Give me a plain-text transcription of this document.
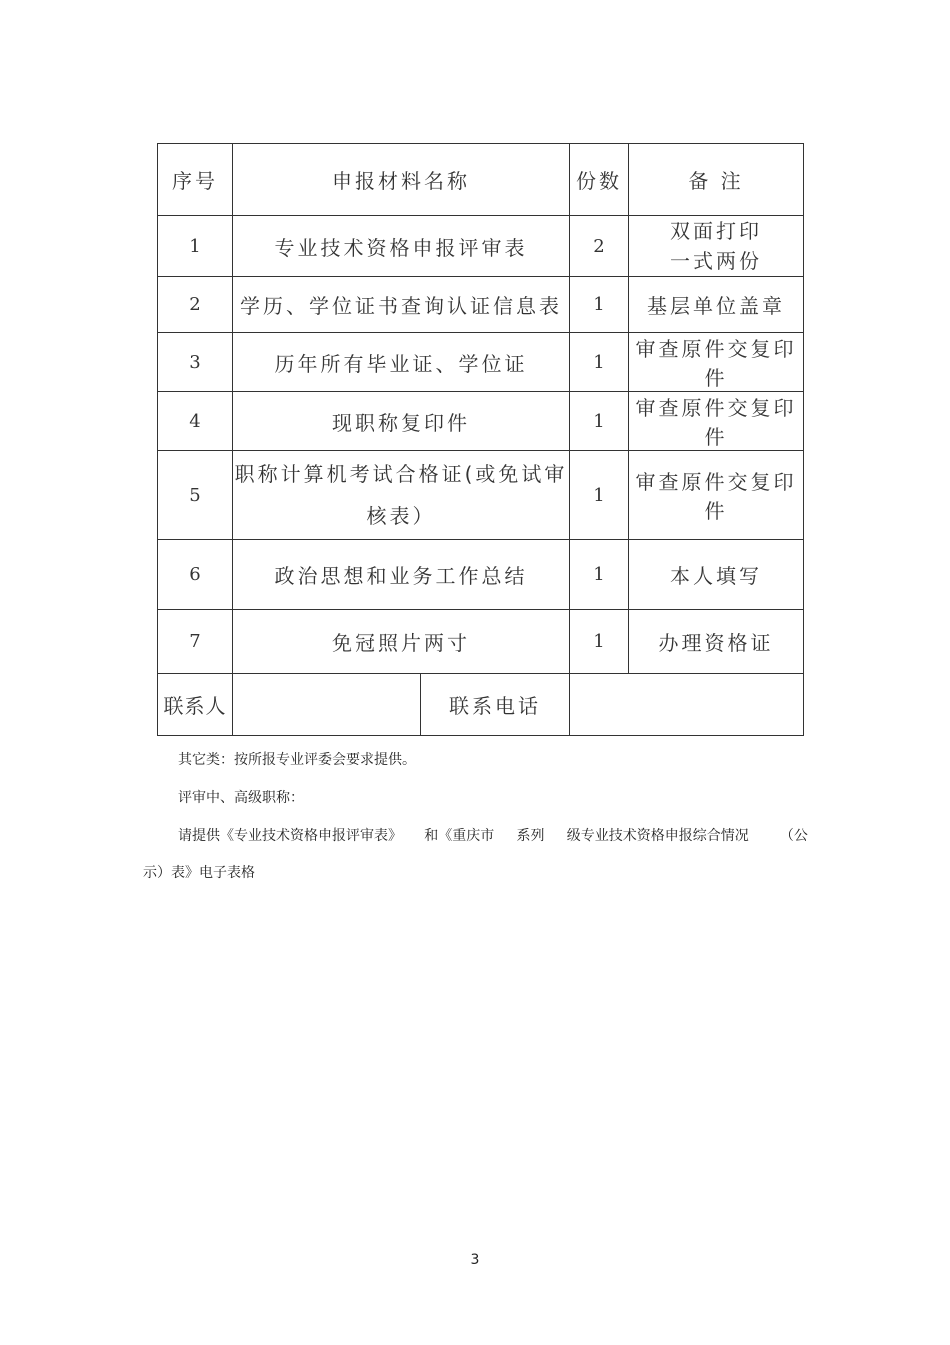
序号	申报材料名称		份数	备 注
1	专业技术资格申报评审表		2	双面打印
一式两份

2	学历、学位证书查询认证信息表		1	基层单位盖章
3	历年所有毕业证、学位证		1	审查原件交复印件
4	现职称复印件		1	审查原件交复印件
5	职称计算机考试合格证(或免试审
核表）		1	审查原件交复印件
6	政治思想和业务工作总结		1	本人填写
7	免冠照片两寸		1	办理资格证
联系人		联系电话		
其它类：按所报专业评委会要求提供。
评审中、高级职称：
请提供《专业技术资格申报评审表》     和《重庆市     系列     级专业技术资格申报综合情况       （公
示）表》电子表格
3
